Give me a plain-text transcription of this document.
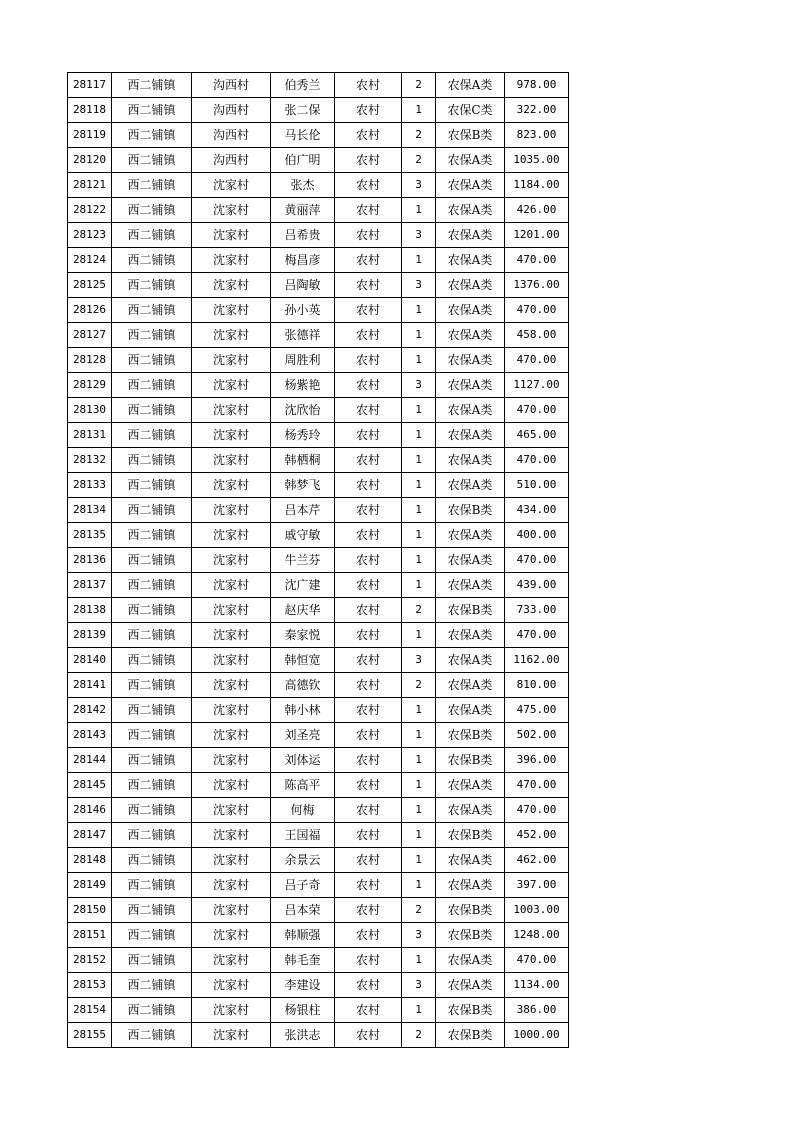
28117	西二铺镇	沟西村	伯秀兰	农村	2	农保A类	978.00
28118	西二铺镇	沟西村	张二保	农村	1	农保C类	322.00
28119	西二铺镇	沟西村	马长伦	农村	2	农保B类	823.00
28120	西二铺镇	沟西村	伯广明	农村	2	农保A类	1035.00
28121	西二铺镇	沈家村	张杰	农村	3	农保A类	1184.00
28122	西二铺镇	沈家村	黄丽萍	农村	1	农保A类	426.00
28123	西二铺镇	沈家村	吕希贵	农村	3	农保A类	1201.00
28124	西二铺镇	沈家村	梅昌彦	农村	1	农保A类	470.00
28125	西二铺镇	沈家村	吕陶敏	农村	3	农保A类	1376.00
28126	西二铺镇	沈家村	孙小英	农村	1	农保A类	470.00
28127	西二铺镇	沈家村	张德祥	农村	1	农保A类	458.00
28128	西二铺镇	沈家村	周胜利	农村	1	农保A类	470.00
28129	西二铺镇	沈家村	杨紫艳	农村	3	农保A类	1127.00
28130	西二铺镇	沈家村	沈欣怡	农村	1	农保A类	470.00
28131	西二铺镇	沈家村	杨秀玲	农村	1	农保A类	465.00
28132	西二铺镇	沈家村	韩栖桐	农村	1	农保A类	470.00
28133	西二铺镇	沈家村	韩梦飞	农村	1	农保A类	510.00
28134	西二铺镇	沈家村	吕本芹	农村	1	农保B类	434.00
28135	西二铺镇	沈家村	戚守敏	农村	1	农保A类	400.00
28136	西二铺镇	沈家村	牛兰芬	农村	1	农保A类	470.00
28137	西二铺镇	沈家村	沈广建	农村	1	农保A类	439.00
28138	西二铺镇	沈家村	赵庆华	农村	2	农保B类	733.00
28139	西二铺镇	沈家村	秦家悦	农村	1	农保A类	470.00
28140	西二铺镇	沈家村	韩恒宽	农村	3	农保A类	1162.00
28141	西二铺镇	沈家村	高德钦	农村	2	农保A类	810.00
28142	西二铺镇	沈家村	韩小林	农村	1	农保A类	475.00
28143	西二铺镇	沈家村	刘圣亮	农村	1	农保B类	502.00
28144	西二铺镇	沈家村	刘体运	农村	1	农保B类	396.00
28145	西二铺镇	沈家村	陈高平	农村	1	农保A类	470.00
28146	西二铺镇	沈家村	何梅	农村	1	农保A类	470.00
28147	西二铺镇	沈家村	王国福	农村	1	农保B类	452.00
28148	西二铺镇	沈家村	余景云	农村	1	农保A类	462.00
28149	西二铺镇	沈家村	吕子奇	农村	1	农保A类	397.00
28150	西二铺镇	沈家村	吕本荣	农村	2	农保B类	1003.00
28151	西二铺镇	沈家村	韩顺强	农村	3	农保B类	1248.00
28152	西二铺镇	沈家村	韩毛奎	农村	1	农保A类	470.00
28153	西二铺镇	沈家村	李建设	农村	3	农保A类	1134.00
28154	西二铺镇	沈家村	杨银柱	农村	1	农保B类	386.00
28155	西二铺镇	沈家村	张洪志	农村	2	农保B类	1000.00
